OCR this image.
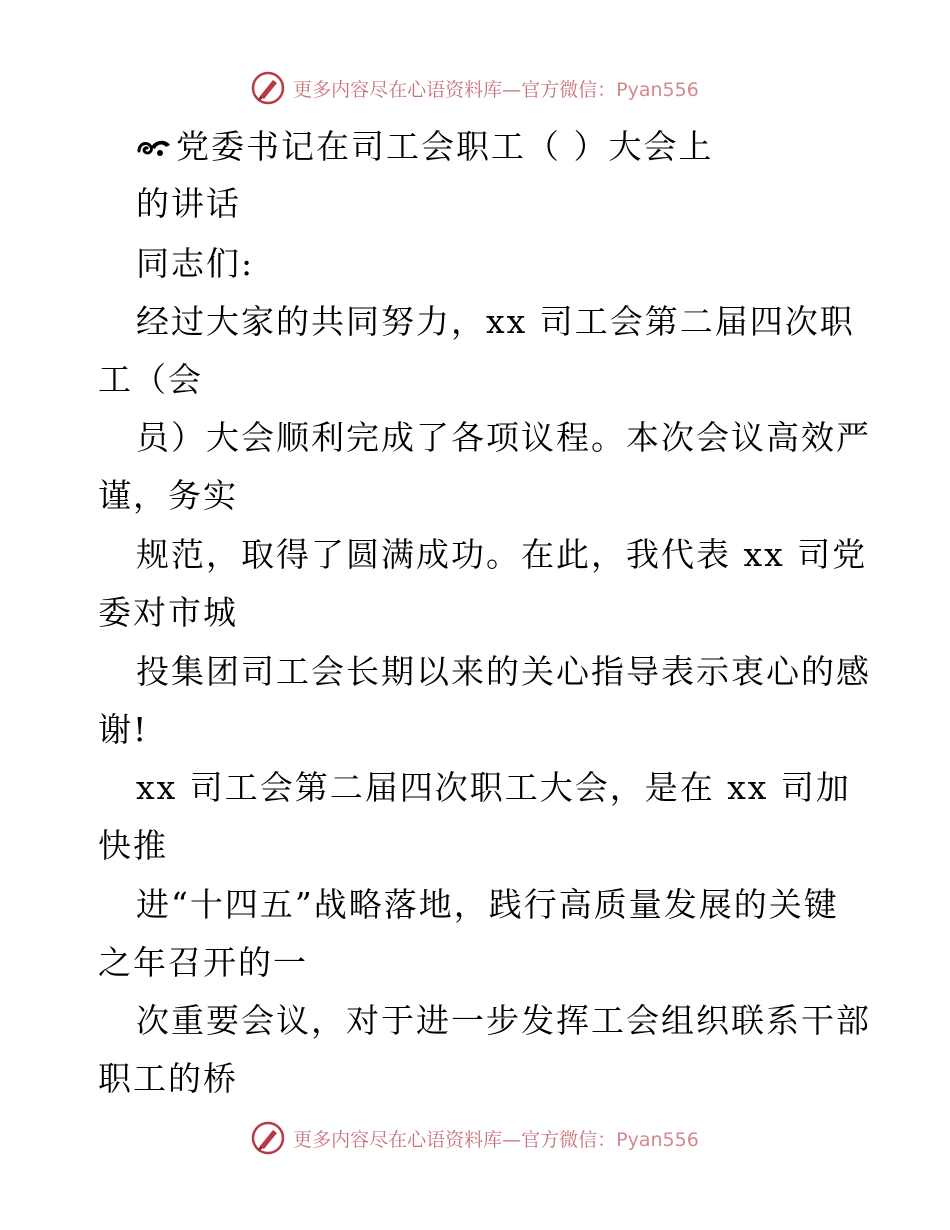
更多内容尽在心语资料库—官方微信：Pyan556
党委书记在司工会职工（ ）大会上
的讲话
同志们:
经过大家的共同努力，xx 司工会第二届四次职
工（会
员）大会顺利完成了各项议程。本次会议高效严
谨，务实
规范，取得了圆满成功。在此，我代表 xx 司党
委对市城
投集团司工会长期以来的关心指导表示衷心的感
谢!
xx 司工会第二届四次职工大会，是在 xx 司加
快推
进“十四五”战略落地，践行高质量发展的关键
之年召开的一
次重要会议，对于进一步发挥工会组织联系干部
职工的桥
更多内容尽在心语资料库—官方微信：Pyan556
